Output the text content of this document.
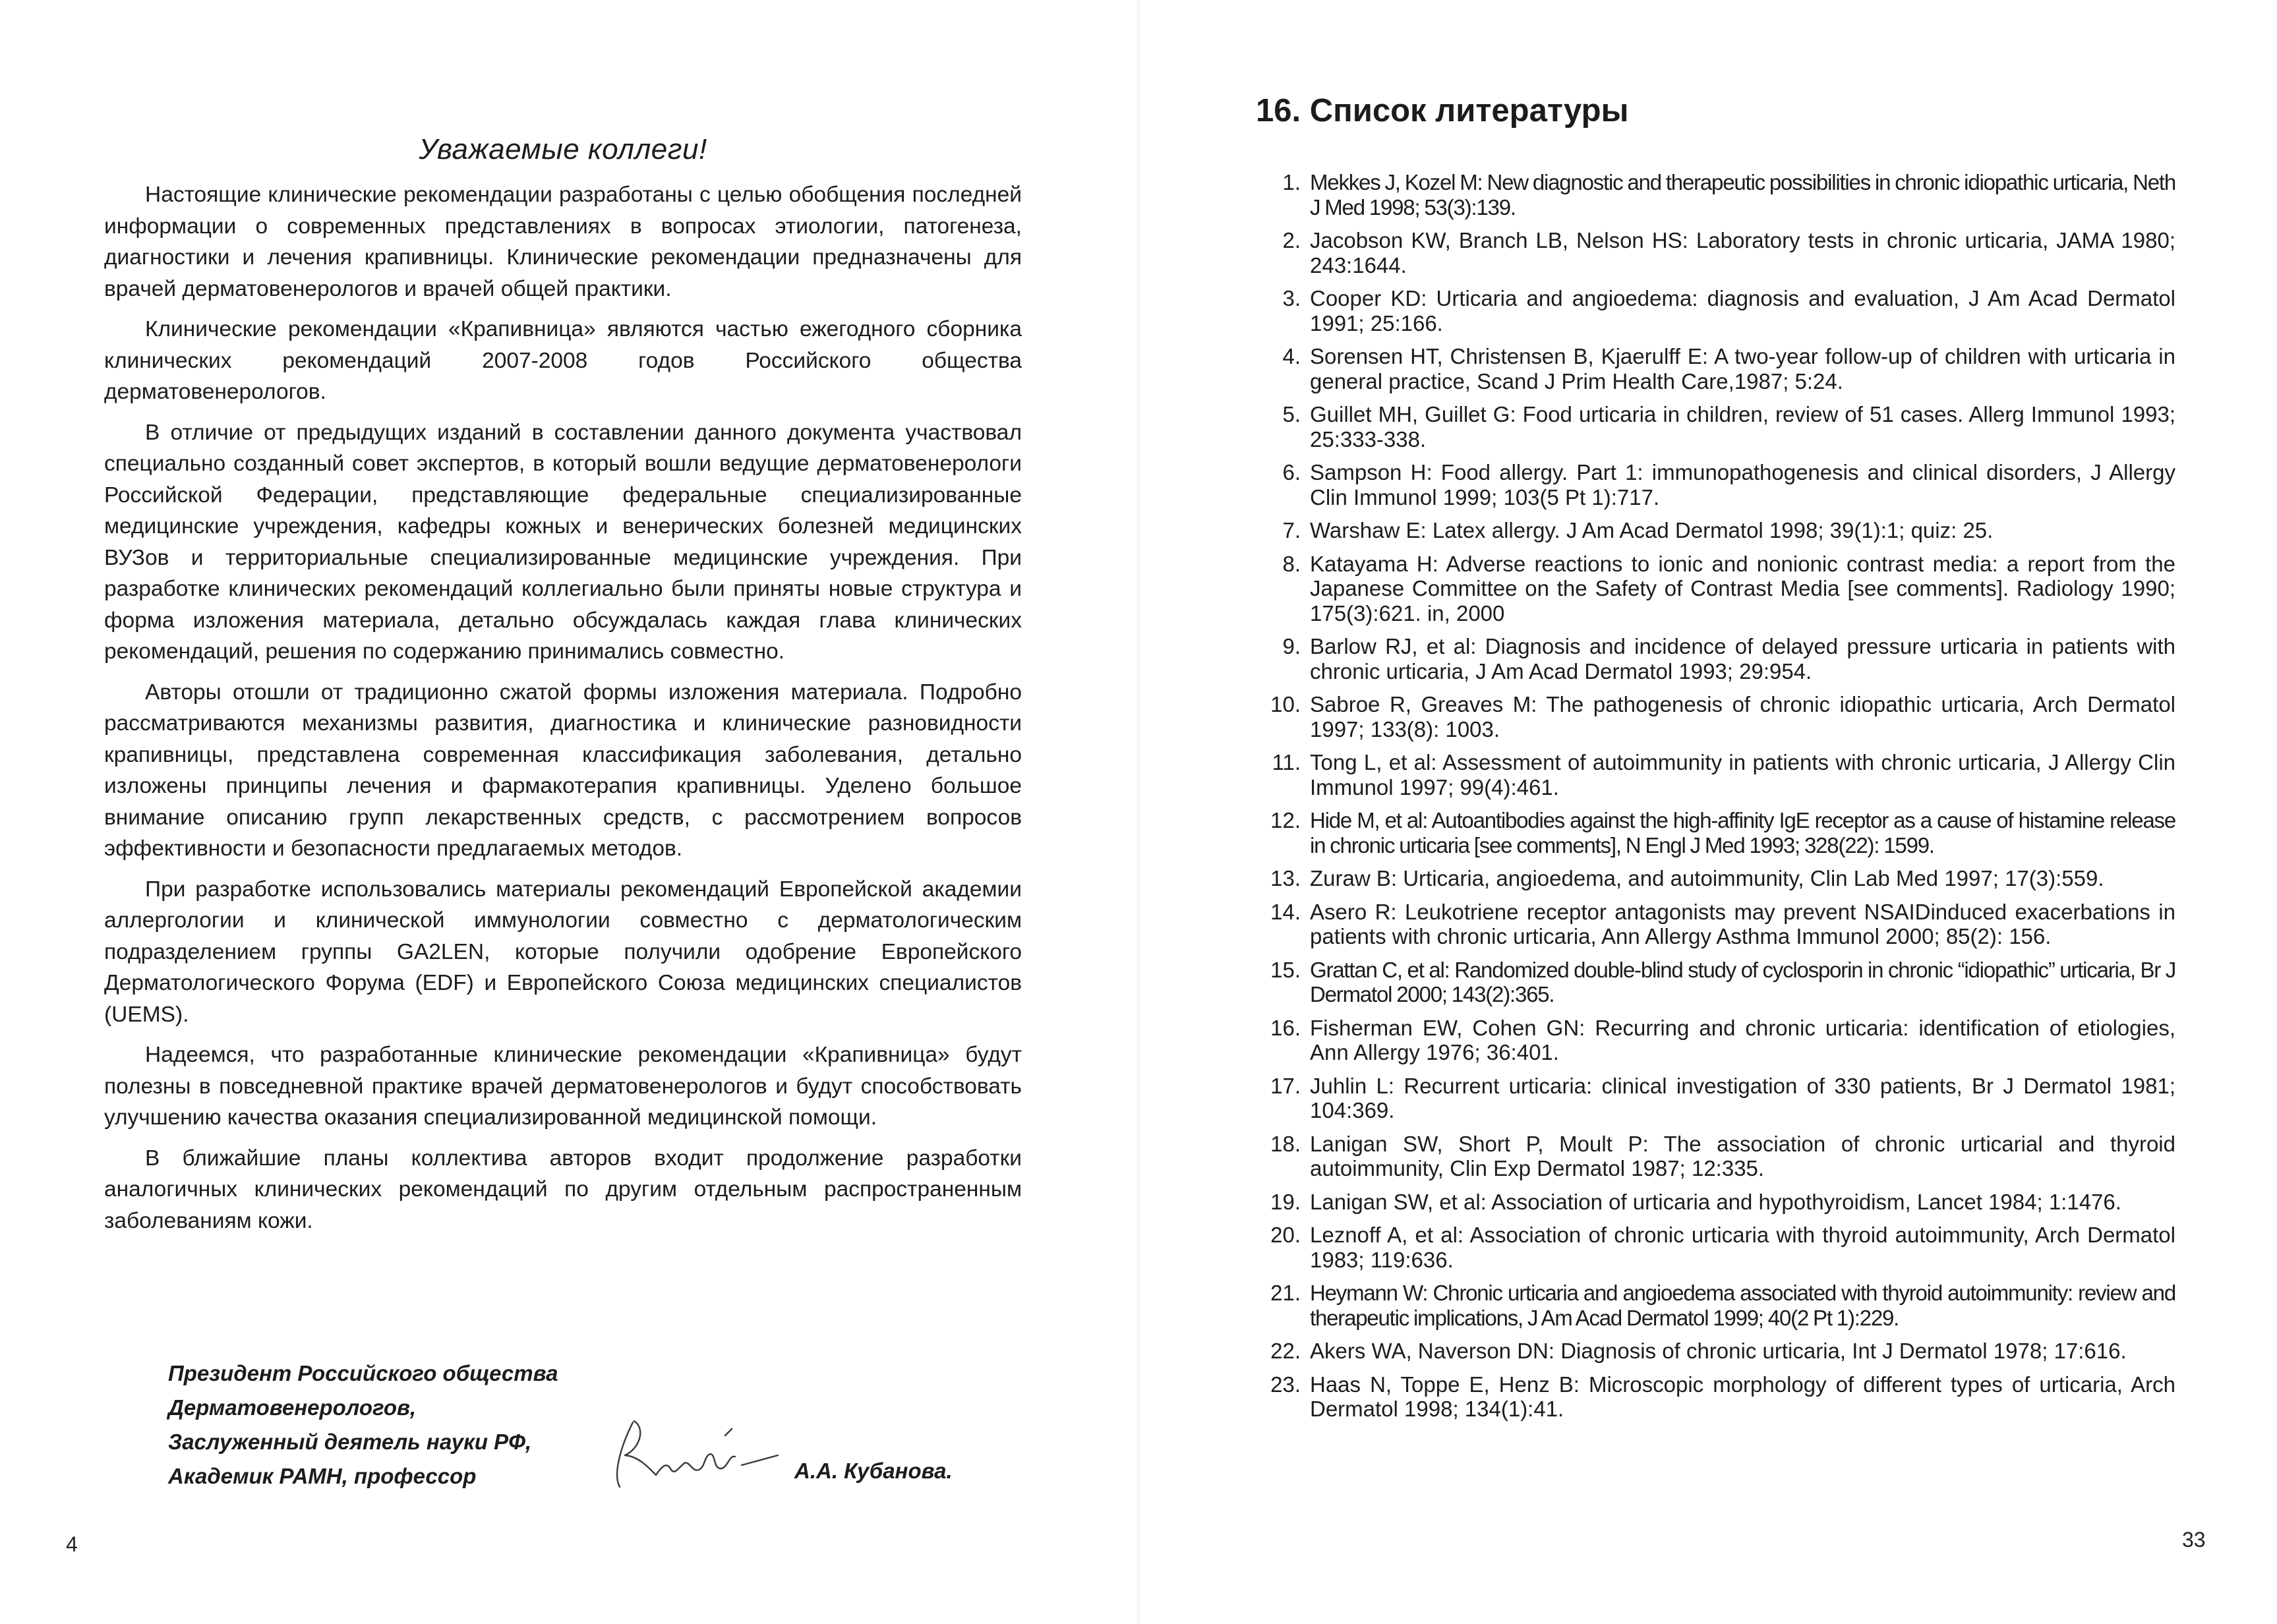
Уважаемые коллеги!

Настоящие клинические рекомендации разработаны с целью обобщения последней информации о современных представлениях в вопросах этиологии, патогенеза, диагностики и лечения крапивницы. Клинические рекомендации предназначены для врачей дерматовенерологов и врачей общей практики.

Клинические рекомендации «Крапивница» являются частью ежегодного сборника клинических рекомендаций 2007-2008 годов Российского общества дерматовенерологов.

В отличие от предыдущих изданий в составлении данного документа участвовал специально созданный совет экспертов, в который вошли ведущие дерматовенерологи Российской Федерации, представляющие федеральные специализированные медицинские учреждения, кафедры кожных и венерических болезней медицинских ВУЗов и территориальные специализированные медицинские учреждения. При разработке клинических рекомендаций коллегиально были приняты новые структура и форма изложения материала, детально обсуждалась каждая глава клинических рекомендаций, решения по содержанию принимались совместно.

Авторы отошли от традиционно сжатой формы изложения материала. Подробно рассматриваются механизмы развития, диагностика и клинические разновидности крапивницы, представлена современная классификация заболевания, детально изложены принципы лечения и фармакотерапия крапивницы. Уделено большое внимание описанию групп лекарственных средств, с рассмотрением вопросов эффективности и безопасности предлагаемых методов.

При разработке использовались материалы рекомендаций Европейской академии аллергологии и клинической иммунологии совместно с дерматологическим подразделением группы GA2LEN, которые получили одобрение Европейского Дерматологического Форума (EDF) и Европейского Союза медицинских специалистов (UEMS).

Надеемся, что разработанные клинические рекомендации «Крапивница» будут полезны в повседневной практике врачей дерматовенерологов и будут способствовать улучшению качества оказания специализированной медицинской помощи.

В ближайшие планы коллектива авторов входит продолжение разработки аналогичных клинических рекомендаций по другим отдельным распространенным заболеваниям кожи.

Президент Российского общества
Дерматовенерологов,
Заслуженный деятель науки РФ,
Академик РАМН, профессор	А.А. Кубанова.
4
16. Список литературы
1. Mekkes J, Kozel M: New diagnostic and therapeutic possibilities in chronic idiopathic urticaria, Neth J Med 1998; 53(3):139.
2. Jacobson KW, Branch LB, Nelson HS: Laboratory tests in chronic urticaria, JAMA 1980; 243:1644.
3. Cooper KD: Urticaria and angioedema: diagnosis and evaluation, J Am Acad Dermatol 1991; 25:166.
4. Sorensen HT, Christensen B, Kjaerulff E: A two-year follow-up of children with urticaria in general practice, Scand J Prim Health Care,1987; 5:24.
5. Guillet MH, Guillet G: Food urticaria in children, review of 51 cases. Allerg Immunol 1993; 25:333-338.
6. Sampson H: Food allergy. Part 1: immunopathogenesis and clinical disorders, J Allergy Clin Immunol 1999; 103(5 Pt 1):717.
7. Warshaw E: Latex allergy. J Am Acad Dermatol 1998; 39(1):1; quiz: 25.
8. Katayama H: Adverse reactions to ionic and nonionic contrast media: a report from the Japanese Committee on the Safety of Contrast Media [see comments]. Radiology 1990; 175(3):621. in, 2000
9. Barlow RJ, et al: Diagnosis and incidence of delayed pressure urticaria in patients with chronic urticaria, J Am Acad Dermatol 1993; 29:954.
10. Sabroe R, Greaves M: The pathogenesis of chronic idiopathic urticaria, Arch Dermatol 1997; 133(8): 1003.
11. Tong L, et al: Assessment of autoimmunity in patients with chronic urticaria, J Allergy Clin Immunol 1997; 99(4):461.
12. Hide M, et al: Autoantibodies against the high-affinity IgE receptor as a cause of histamine release in chronic urticaria [see comments], N Engl J Med 1993; 328(22): 1599.
13. Zuraw B: Urticaria, angioedema, and autoimmunity, Clin Lab Med 1997; 17(3):559.
14. Asero R: Leukotriene receptor antagonists may prevent NSAIDinduced exacerbations in patients with chronic urticaria, Ann Allergy Asthma Immunol 2000; 85(2): 156.
15. Grattan C, et al: Randomized double-blind study of cyclosporin in chronic “idiopathic” urticaria, Br J Dermatol 2000; 143(2):365.
16. Fisherman EW, Cohen GN: Recurring and chronic urticaria: identification of etiologies, Ann Allergy 1976; 36:401.
17. Juhlin L: Recurrent urticaria: clinical investigation of 330 patients, Br J Dermatol 1981; 104:369.
18. Lanigan SW, Short P, Moult P: The association of chronic urticarial and thyroid autoimmunity, Clin Exp Dermatol 1987; 12:335.
19. Lanigan SW, et al: Association of urticaria and hypothyroidism, Lancet 1984; 1:1476.
20. Leznoff A, et al: Association of chronic urticaria with thyroid autoimmunity, Arch Dermatol 1983; 119:636.
21. Heymann W: Chronic urticaria and angioedema associated with thyroid autoimmunity: review and therapeutic implications, J Am Acad Dermatol 1999; 40(2 Pt 1):229.
22. Akers WA, Naverson DN: Diagnosis of chronic urticaria, Int J Dermatol 1978; 17:616.
23. Haas N, Toppe E, Henz B: Microscopic morphology of different types of urticaria, Arch Dermatol 1998; 134(1):41.
33
